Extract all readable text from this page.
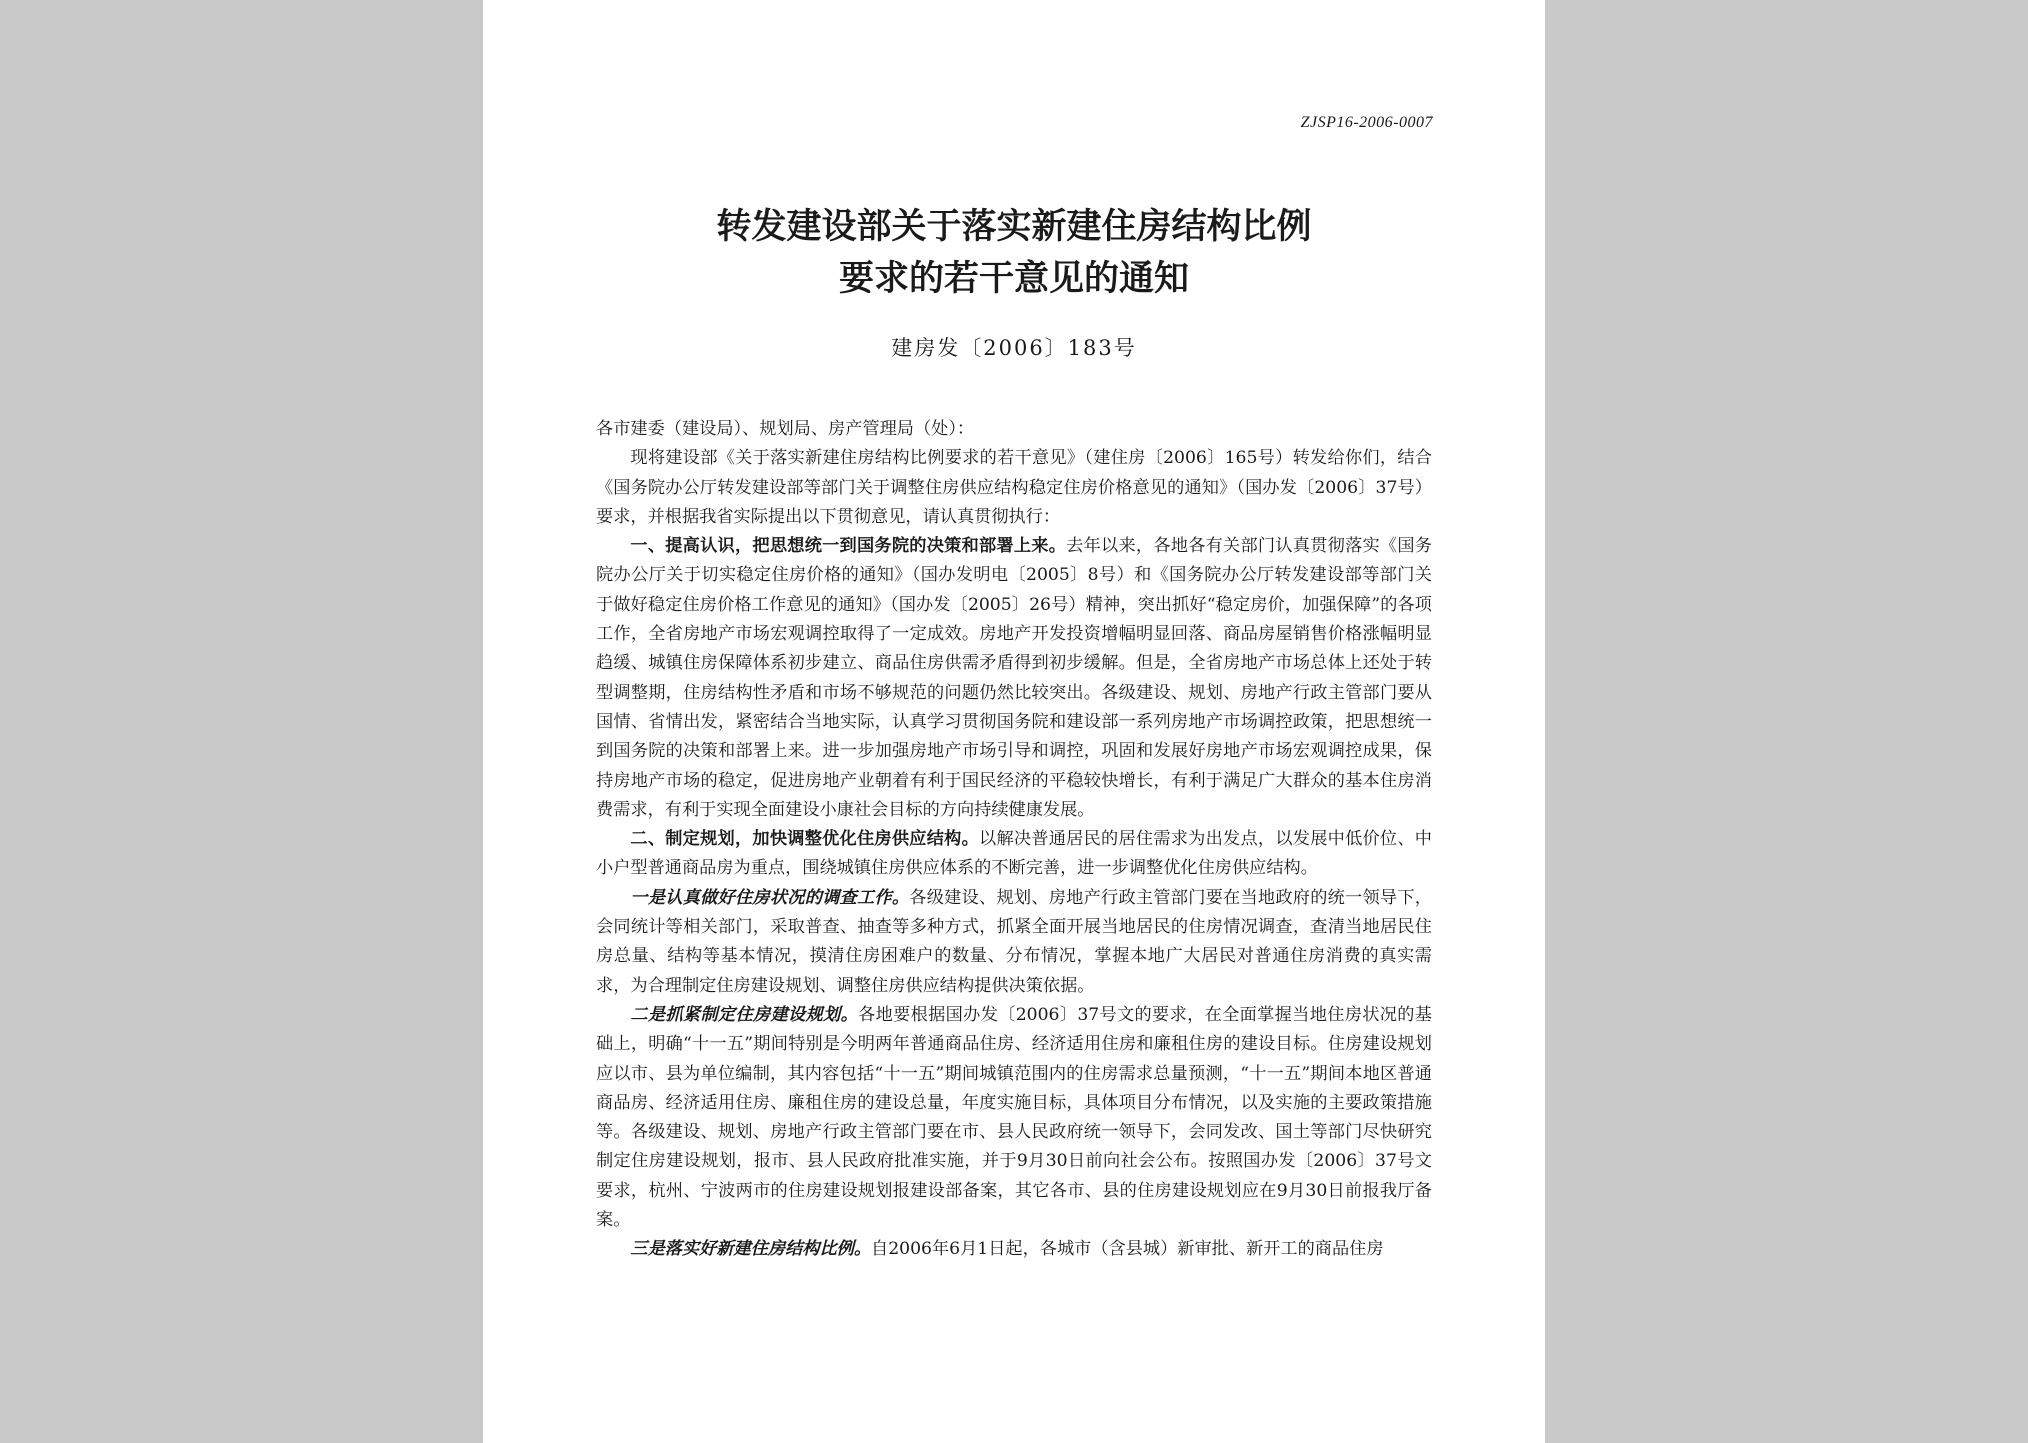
ZJSP16-2006-0007
转发建设部关于落实新建住房结构比例
要求的若干意见的通知
建房发〔2006〕183号

各市建委（建设局）、规划局、房产管理局（处）：

现将建设部《关于落实新建住房结构比例要求的若干意见》（建住房〔2006〕165号）转发给你们，结合《国务院办公厅转发建设部等部门关于调整住房供应结构稳定住房价格意见的通知》（国办发〔2006〕37号）要求，并根据我省实际提出以下贯彻意见，请认真贯彻执行：

一、提高认识，把思想统一到国务院的决策和部署上来。去年以来，各地各有关部门认真贯彻落实《国务院办公厅关于切实稳定住房价格的通知》（国办发明电〔2005〕8号）和《国务院办公厅转发建设部等部门关于做好稳定住房价格工作意见的通知》（国办发〔2005〕26号）精神，突出抓好“稳定房价，加强保障”的各项工作，全省房地产市场宏观调控取得了一定成效。房地产开发投资增幅明显回落、商品房屋销售价格涨幅明显趋缓、城镇住房保障体系初步建立、商品住房供需矛盾得到初步缓解。但是，全省房地产市场总体上还处于转型调整期，住房结构性矛盾和市场不够规范的问题仍然比较突出。各级建设、规划、房地产行政主管部门要从国情、省情出发，紧密结合当地实际，认真学习贯彻国务院和建设部一系列房地产市场调控政策，把思想统一到国务院的决策和部署上来。进一步加强房地产市场引导和调控，巩固和发展好房地产市场宏观调控成果，保持房地产市场的稳定，促进房地产业朝着有利于国民经济的平稳较快增长，有利于满足广大群众的基本住房消费需求，有利于实现全面建设小康社会目标的方向持续健康发展。

二、制定规划，加快调整优化住房供应结构。以解决普通居民的居住需求为出发点，以发展中低价位、中小户型普通商品房为重点，围绕城镇住房供应体系的不断完善，进一步调整优化住房供应结构。

一是认真做好住房状况的调查工作。各级建设、规划、房地产行政主管部门要在当地政府的统一领导下，会同统计等相关部门，采取普查、抽查等多种方式，抓紧全面开展当地居民的住房情况调查，查清当地居民住房总量、结构等基本情况，摸清住房困难户的数量、分布情况，掌握本地广大居民对普通住房消费的真实需求，为合理制定住房建设规划、调整住房供应结构提供决策依据。

二是抓紧制定住房建设规划。各地要根据国办发〔2006〕37号文的要求，在全面掌握当地住房状况的基础上，明确“十一五”期间特别是今明两年普通商品住房、经济适用住房和廉租住房的建设目标。住房建设规划应以市、县为单位编制，其内容包括“十一五”期间城镇范围内的住房需求总量预测，“十一五”期间本地区普通商品房、经济适用住房、廉租住房的建设总量，年度实施目标，具体项目分布情况，以及实施的主要政策措施等。各级建设、规划、房地产行政主管部门要在市、县人民政府统一领导下，会同发改、国土等部门尽快研究制定住房建设规划，报市、县人民政府批准实施，并于9月30日前向社会公布。按照国办发〔2006〕37号文要求，杭州、宁波两市的住房建设规划报建设部备案，其它各市、县的住房建设规划应在9月30日前报我厅备案。

三是落实好新建住房结构比例。自2006年6月1日起，各城市（含县城）新审批、新开工的商品住房
